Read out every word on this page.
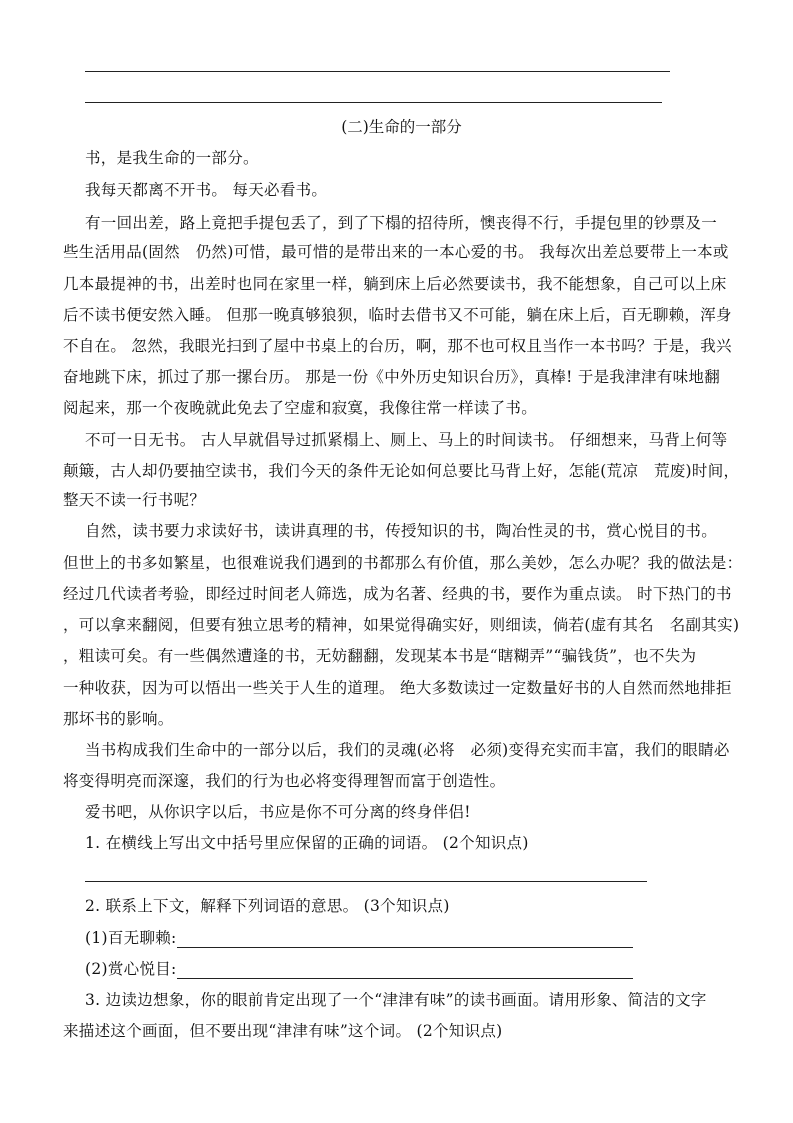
(二)生命的一部分
书，是我生命的一部分。
我每天都离不开书。 每天必看书。
有一回出差，路上竟把手提包丢了，到了下榻的招待所，懊丧得不行，手提包里的钞票及一
些生活用品(固然　仍然)可惜，最可惜的是带出来的一本心爱的书。 我每次出差总要带上一本或
几本最提神的书，出差时也同在家里一样，躺到床上后必然要读书，我不能想象，自己可以上床
后不读书便安然入睡。 但那一晚真够狼狈，临时去借书又不可能，躺在床上后，百无聊赖，浑身
不自在。 忽然，我眼光扫到了屋中书桌上的台历，啊，那不也可权且当作一本书吗？于是，我兴
奋地跳下床，抓过了那一摞台历。 那是一份《中外历史知识台历》，真棒! 于是我津津有味地翻
阅起来，那一个夜晚就此免去了空虚和寂寞，我像往常一样读了书。
不可一日无书。 古人早就倡导过抓紧榻上、厕上、马上的时间读书。 仔细想来，马背上何等
颠簸，古人却仍要抽空读书，我们今天的条件无论如何总要比马背上好，怎能(荒凉　荒废)时间，
整天不读一行书呢？
自然，读书要力求读好书，读讲真理的书，传授知识的书，陶冶性灵的书，赏心悦目的书。
但世上的书多如繁星，也很难说我们遇到的书都那么有价值，那么美妙，怎么办呢？我的做法是：
经过几代读者考验，即经过时间老人筛选，成为名著、经典的书，要作为重点读。 时下热门的书
，可以拿来翻阅，但要有独立思考的精神，如果觉得确实好，则细读，倘若(虚有其名　名副其实)
，粗读可矣。有一些偶然遭逢的书，无妨翻翻，发现某本书是“瞎糊弄”“骗钱货”，也不失为
一种收获，因为可以悟出一些关于人生的道理。 绝大多数读过一定数量好书的人自然而然地排拒
那坏书的影响。
当书构成我们生命中的一部分以后，我们的灵魂(必将　必须)变得充实而丰富，我们的眼睛必
将变得明亮而深邃，我们的行为也必将变得理智而富于创造性。
爱书吧，从你识字以后，书应是你不可分离的终身伴侣!
1. 在横线上写出文中括号里应保留的正确的词语。 (2个知识点)
2. 联系上下文，解释下列词语的意思。 (3个知识点)
(1)百无聊赖:
(2)赏心悦目:
3. 边读边想象，你的眼前肯定出现了一个“津津有味”的读书画面。请用形象、简洁的文字
来描述这个画面，但不要出现“津津有味”这个词。 (2个知识点)
